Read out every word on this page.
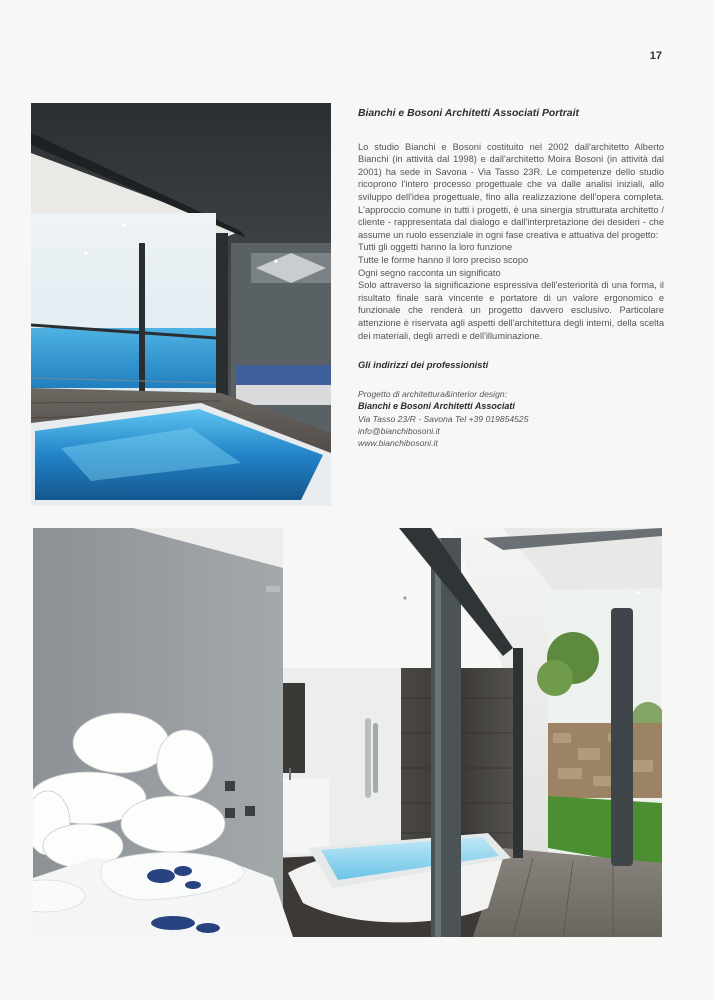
17
Bianchi e Bosoni Architetti Associati Portrait

Lo studio Bianchi e Bosoni costituito nel 2002 dall'architetto Alberto Bianchi (in attività dal 1998) e dall'architetto Moira Bosoni (in attività dal 2001) ha sede in Savona - Via Tasso 23R. Le competenze dello studio ricoprono l'intero processo progettuale che va dalle analisi iniziali, allo sviluppo dell'idea progettuale, fino alla realizzazione dell'opera completa. L'approccio comune in tutti i progetti, è una sinergia strutturata architetto / cliente - rappresentata dal dialogo e dall'interpretazione dei desideri - che assume un ruolo essenziale in ogni fase creativa e attuativa del progetto:

Tutti gli oggetti hanno la loro funzione
Tutte le forme hanno il loro preciso scopo
Ogni segno racconta un significato

Solo attraverso la significazione espressiva dell'esteriorità di una forma, il risultato finale sarà vincente e portatore di un valore ergonomico e funzionale che renderà un progetto davvero esclusivo. Particolare attenzione è riservata agli aspetti dell'architettura degli interni, della scelta dei materiali, degli arredi e dell'illuminazione.

Gli indirizzi dei professionisti
Progetto di architettura&interior design:
Bianchi e Bosoni Architetti Associati
Via Tasso 23/R - Savona Tel +39 019854525
info@bianchibosoni.it
www.bianchibosoni.it
